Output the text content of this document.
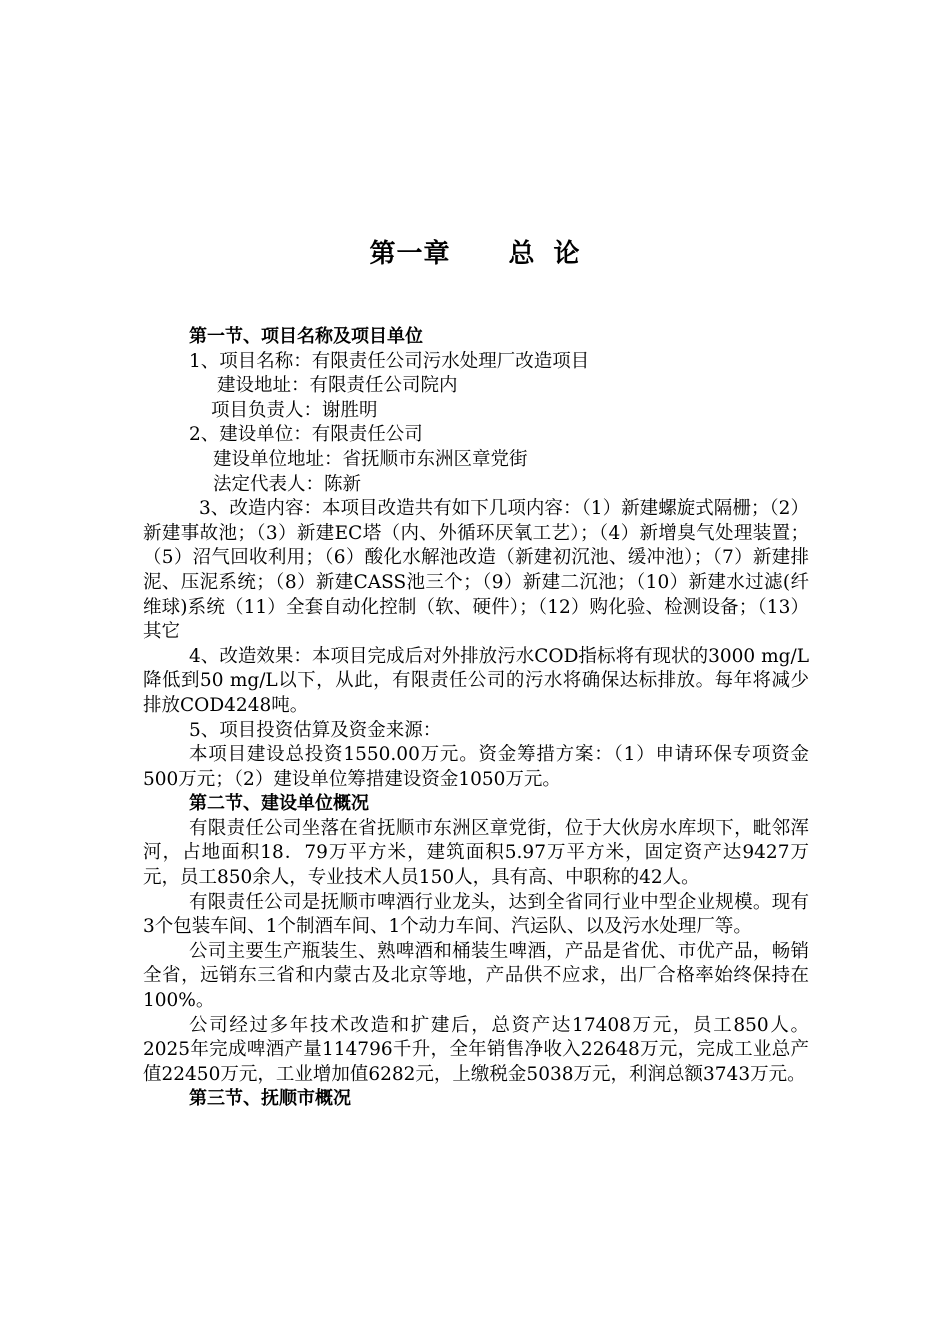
第一章 总 论

第一节、项目名称及项目单位

1、项目名称：有限责任公司污水处理厂改造项目

建设地址：有限责任公司院内

项目负责人：谢胜明

2、建设单位：有限责任公司

建设单位地址：省抚顺市东洲区章党街

法定代表人：陈新

3、改造内容：本项目改造共有如下几项内容：（1）新建螺旋式隔栅；（2）新建事故池；（3）新建EC塔（内、外循环厌氧工艺）；（4）新增臭气处理装置；（5）沼气回收利用；（6）酸化水解池改造（新建初沉池、缓冲池）；（7）新建排泥、压泥系统；（8）新建CASS池三个；（9）新建二沉池；（10）新建水过滤(纤维球)系统（11）全套自动化控制（软、硬件）；（12）购化验、检测设备；（13）其它

4、改造效果：本项目完成后对外排放污水COD指标将有现状的3000 mg/L降低到50 mg/L以下，从此，有限责任公司的污水将确保达标排放。每年将减少排放COD4248吨。

5、项目投资估算及资金来源：

本项目建设总投资1550.00万元。资金筹措方案：（1）申请环保专项资金500万元；（2）建设单位筹措建设资金1050万元。

第二节、建设单位概况

有限责任公司坐落在省抚顺市东洲区章党街，位于大伙房水库坝下，毗邻浑河，占地面积18．79万平方米，建筑面积5.97万平方米，固定资产达9427万元，员工850余人，专业技术人员150人，具有高、中职称的42人。

有限责任公司是抚顺市啤酒行业龙头，达到全省同行业中型企业规模。现有3个包装车间、1个制酒车间、1个动力车间、汽运队、以及污水处理厂等。

公司主要生产瓶装生、熟啤酒和桶装生啤酒，产品是省优、市优产品，畅销全省，远销东三省和内蒙古及北京等地，产品供不应求，出厂合格率始终保持在100%。

公司经过多年技术改造和扩建后，总资产达17408万元，员工850人。2025年完成啤酒产量114796千升，全年销售净收入22648万元，完成工业总产值22450万元，工业增加值6282元，上缴税金5038万元，利润总额3743万元。

第三节、抚顺市概况
